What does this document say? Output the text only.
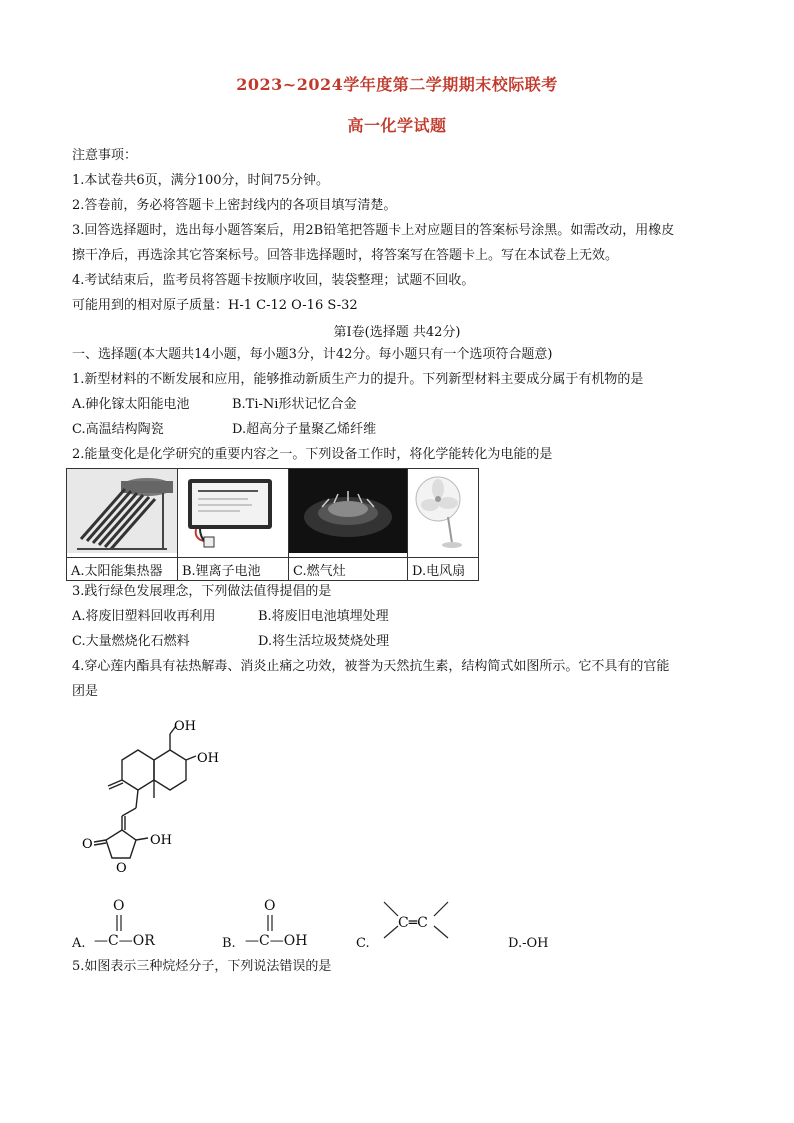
2023~2024学年度第二学期期末校际联考
高一化学试题
注意事项：
1.本试卷共6页，满分100分，时间75分钟。
2.答卷前，务必将答题卡上密封线内的各项目填写清楚。
3.回答选择题时，选出每小题答案后，用2B铅笔把答题卡上对应题目的答案标号涂黑。如需改动，用橡皮
擦干净后，再选涂其它答案标号。回答非选择题时，将答案写在答题卡上。写在本试卷上无效。
4.考试结束后，监考员将答题卡按顺序收回，装袋整理；试题不回收。
可能用到的相对原子质量：H-1 C-12 O-16 S-32
第Ⅰ卷(选择题 共42分)
一、选择题(本大题共14小题，每小题3分，计42分。每小题只有一个选项符合题意)
1.新型材料的不断发展和应用，能够推动新质生产力的提升。下列新型材料主要成分属于有机物的是
A.砷化镓太阳能电池	B.Ti-Ni形状记忆合金
C.高温结构陶瓷	D.超高分子量聚乙烯纤维
2.能量变化是化学研究的重要内容之一。下列设备工作时，将化学能转化为电能的是

A.太阳能集热器	B.锂离子电池	C.燃气灶	D.电风扇
3.践行绿色发展理念，下列做法值得提倡的是
A.将废旧塑料回收再利用	B.将废旧电池填埋处理
C.大量燃烧化石燃料	D.将生活垃圾焚烧处理
4.穿心莲内酯具有祛热解毒、消炎止痛之功效，被誉为天然抗生素，结构简式如图所示。它不具有的官能
团是
OH
OH
OH
O
O
A.
O
—C—OR	B.
O
—C—OH	C.
C═C
D.-OH
5.如图表示三种烷烃分子，下列说法错误的是
